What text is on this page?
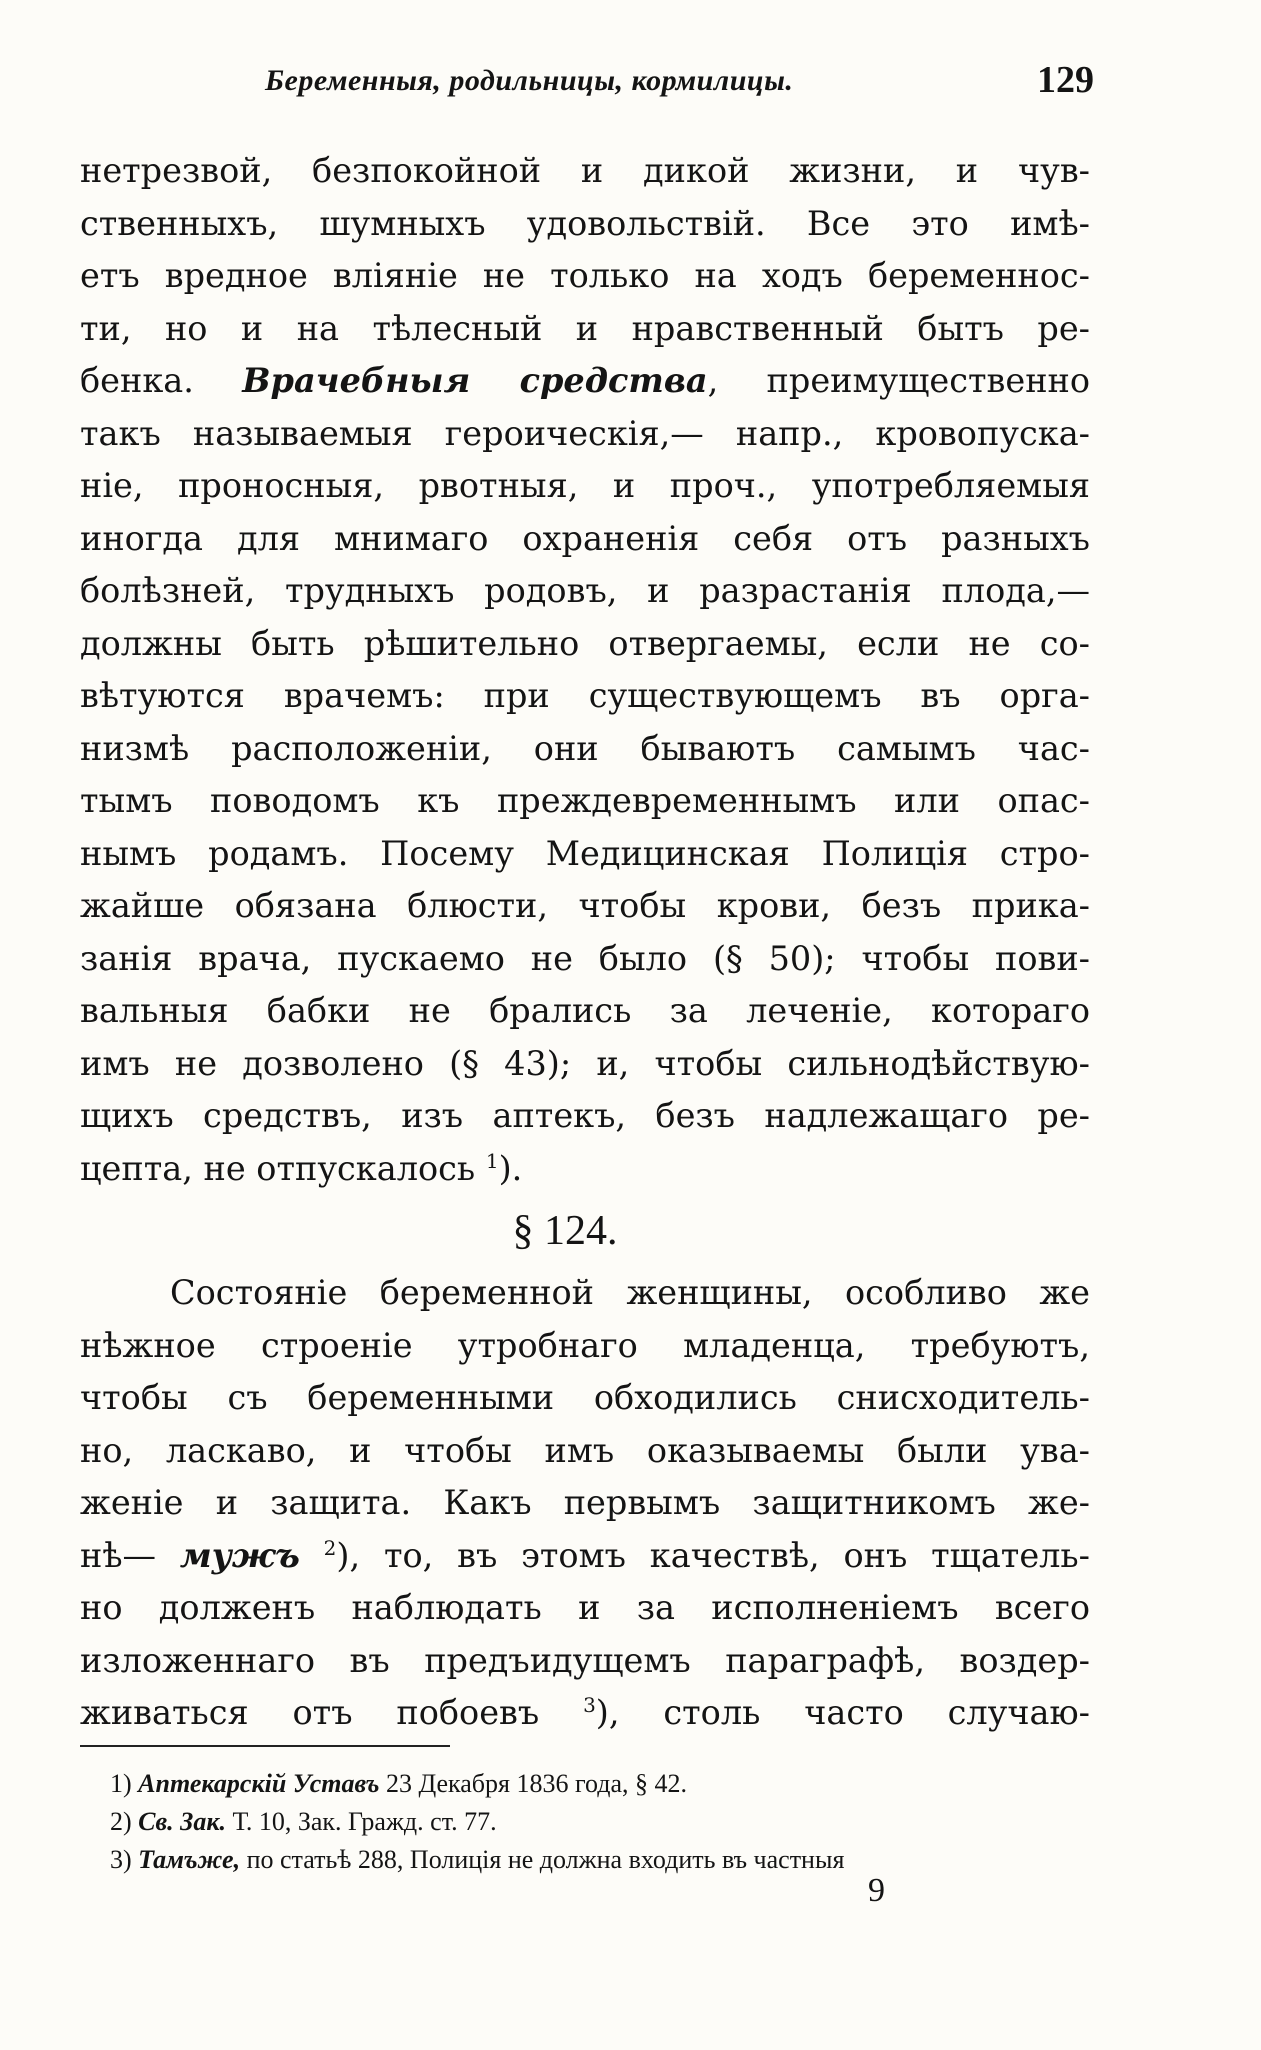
Беременныя, родильницы, кормилицы.	129
нетрезвой, безпокойной и дикой жизни, и чув-
ственныхъ, шумныхъ удовольствій. Все это имѣ-
етъ вредное вліяніе не только на ходъ беременнос-
ти, но и на тѣлесный и нравственный бытъ ре-
бенка. Врачебныя средства, преимущественно
такъ называемыя героическія,— напр., кровопуска-
ніе, проносныя, рвотныя, и проч., употребляемыя
иногда для мнимаго охраненія себя отъ разныхъ
болѣзней, трудныхъ родовъ, и разрастанія плода,—
должны быть рѣшительно отвергаемы, если не со-
вѣтуются врачемъ: при существующемъ въ орга-
низмѣ расположеніи, они бываютъ самымъ час-
тымъ поводомъ къ преждевременнымъ или опас-
нымъ родамъ. Посему Медицинская Полиція стро-
жайше обязана блюсти, чтобы крови, безъ прика-
занія врача, пускаемо не было (§ 50); чтобы пови-
вальныя бабки не брались за леченіе, котораго
имъ не дозволено (§ 43); и, чтобы сильнодѣйствую-
щихъ средствъ, изъ аптекъ, безъ надлежащаго ре-
цепта, не отпускалось $^1$).
§ 124.
Состояніе беременной женщины, особливо же
нѣжное строеніе утробнаго младенца, требуютъ,
чтобы съ беременными обходились снисходитель-
но, ласкаво, и чтобы имъ оказываемы были ува-
женіе и защита. Какъ первымъ защитникомъ же-
нѣ— мужъ $^2$), то, въ этомъ качествѣ, онъ тщатель-
но долженъ наблюдать и за исполненіемъ всего
изложеннаго въ предъидущемъ параграфѣ, воздер-
живаться отъ побоевъ $^3$), столь часто случаю-
1) Аптекарскій Уставъ 23 Декабря 1836 года, § 42.
2) Св. Зак. Т. 10, Зак. Гражд. ст. 77.
3) Тамъже, по статьѣ 288, Полиція не должна входить въ частныя
9
